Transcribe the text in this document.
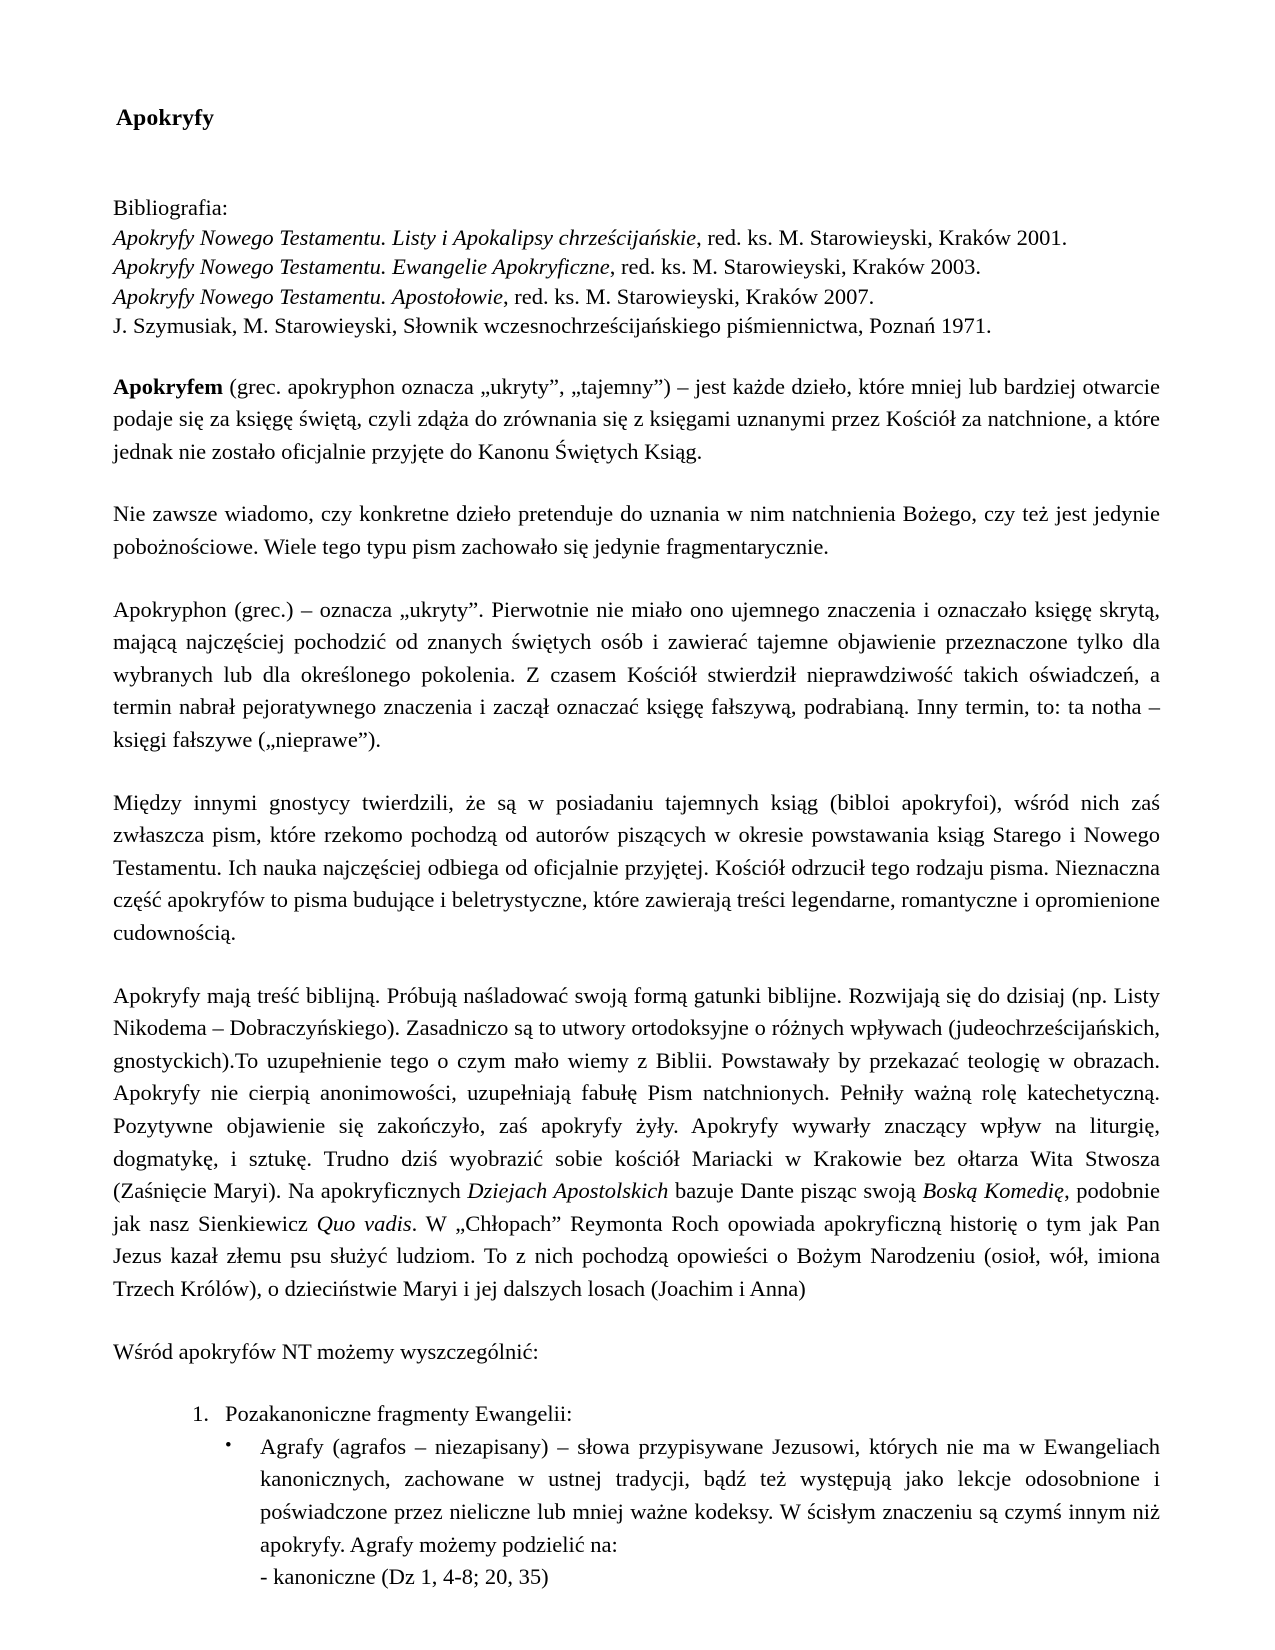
Apokryfy

Bibliografia:

Apokryfy Nowego Testamentu. Listy i Apokalipsy chrześcijańskie, red. ks. M. Starowieyski, Kraków 2001.

Apokryfy Nowego Testamentu. Ewangelie Apokryficzne, red. ks. M. Starowieyski, Kraków 2003.

Apokryfy Nowego Testamentu. Apostołowie, red. ks. M. Starowieyski, Kraków 2007.

J. Szymusiak, M. Starowieyski, Słownik wczesnochrześcijańskiego piśmiennictwa, Poznań 1971.

Apokryfem (grec. apokryphon oznacza „ukryty”, „tajemny”) – jest każde dzieło, które mniej lub bardziej otwarcie podaje się za księgę świętą, czyli zdąża do zrównania się z księgami uznanymi przez Kościół za natchnione, a które jednak nie zostało oficjalnie przyjęte do Kanonu Świętych Ksiąg.

Nie zawsze wiadomo, czy konkretne dzieło pretenduje do uznania w nim natchnienia Bożego, czy też jest jedynie pobożnościowe. Wiele tego typu pism zachowało się jedynie fragmentarycznie.

Apokryphon (grec.) – oznacza „ukryty”. Pierwotnie nie miało ono ujemnego znaczenia i oznaczało księgę skrytą, mającą najczęściej pochodzić od znanych świętych osób i zawierać tajemne objawienie przeznaczone tylko dla wybranych lub dla określonego pokolenia. Z czasem Kościół stwierdził nieprawdziwość takich oświadczeń, a termin nabrał pejoratywnego znaczenia i zaczął oznaczać księgę fałszywą, podrabianą. Inny termin, to: ta notha – księgi fałszywe („nieprawe”).

Między innymi gnostycy twierdzili, że są w posiadaniu tajemnych ksiąg (bibloi apokryfoi), wśród nich zaś zwłaszcza pism, które rzekomo pochodzą od autorów piszących w okresie powstawania ksiąg Starego i Nowego Testamentu. Ich nauka najczęściej odbiega od oficjalnie przyjętej. Kościół odrzucił tego rodzaju pisma. Nieznaczna część apokryfów to pisma budujące i beletrystyczne, które zawierają treści legendarne, romantyczne i opromienione cudownością.

Apokryfy mają treść biblijną. Próbują naśladować swoją formą gatunki biblijne. Rozwijają się do dzisiaj (np. Listy Nikodema – Dobraczyńskiego). Zasadniczo są to utwory ortodoksyjne o różnych wpływach (judeochrześcijańskich, gnostyckich).To uzupełnienie tego o czym mało wiemy z Biblii. Powstawały by przekazać teologię w obrazach. Apokryfy nie cierpią anonimowości, uzupełniają fabułę Pism natchnionych. Pełniły ważną rolę katechetyczną. Pozytywne objawienie się zakończyło, zaś apokryfy żyły. Apokryfy wywarły znaczący wpływ na liturgię, dogmatykę, i sztukę. Trudno dziś wyobrazić sobie kościół Mariacki w Krakowie bez ołtarza Wita Stwosza (Zaśnięcie Maryi). Na apokryficznych Dziejach Apostolskich bazuje Dante pisząc swoją Boską Komedię, podobnie jak nasz Sienkiewicz Quo vadis. W „Chłopach” Reymonta Roch opowiada apokryficzną historię o tym jak Pan Jezus kazał złemu psu służyć ludziom. To z nich pochodzą opowieści o Bożym Narodzeniu (osioł, wół, imiona Trzech Królów), o dzieciństwie Maryi i jej dalszych losach (Joachim i Anna)

Wśród apokryfów NT możemy wyszczególnić:

1. Pozakanoniczne fragmenty Ewangelii:
• Agrafy (agrafos – niezapisany) – słowa przypisywane Jezusowi, których nie ma w Ewangeliach kanonicznych, zachowane w ustnej tradycji, bądź też występują jako lekcje odosobnione i poświadczone przez nieliczne lub mniej ważne kodeksy. W ścisłym znaczeniu są czymś innym niż apokryfy. Agrafy możemy podzielić na:
- kanoniczne (Dz 1, 4-8; 20, 35)
